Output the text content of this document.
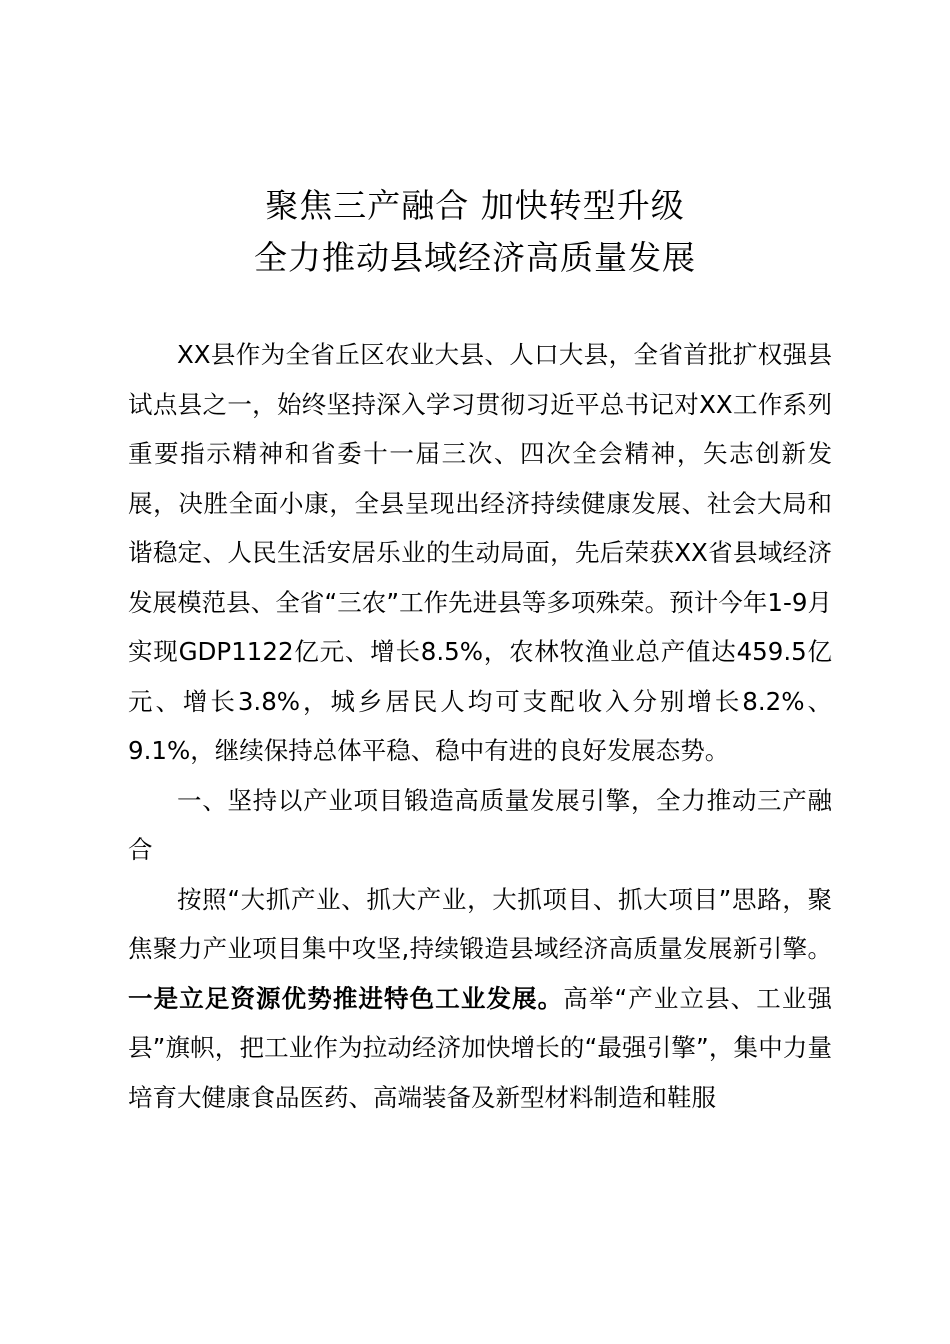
聚焦三产融合 加快转型升级
全力推动县域经济高质量发展

XX县作为全省丘区农业大县、人口大县，全省首批扩权强县试点县之一，始终坚持深入学习贯彻习近平总书记对XX工作系列重要指示精神和省委十一届三次、四次全会精神，矢志创新发展，决胜全面小康，全县呈现出经济持续健康发展、社会大局和谐稳定、人民生活安居乐业的生动局面，先后荣获XX省县域经济发展模范县、全省“三农”工作先进县等多项殊荣。预计今年1-9月实现GDP1122亿元、增长8.5%，农林牧渔业总产值达459.5亿元、增长3.8%，城乡居民人均可支配收入分别增长8.2%、9.1%，继续保持总体平稳、稳中有进的良好发展态势。

一、坚持以产业项目锻造高质量发展引擎，全力推动三产融合

按照“大抓产业、抓大产业，大抓项目、抓大项目”思路，聚焦聚力产业项目集中攻坚,持续锻造县域经济高质量发展新引擎。一是立足资源优势推进特色工业发展。高举“产业立县、工业强县”旗帜，把工业作为拉动经济加快增长的“最强引擎”，集中力量培育大健康食品医药、高端装备及新型材料制造和鞋服
